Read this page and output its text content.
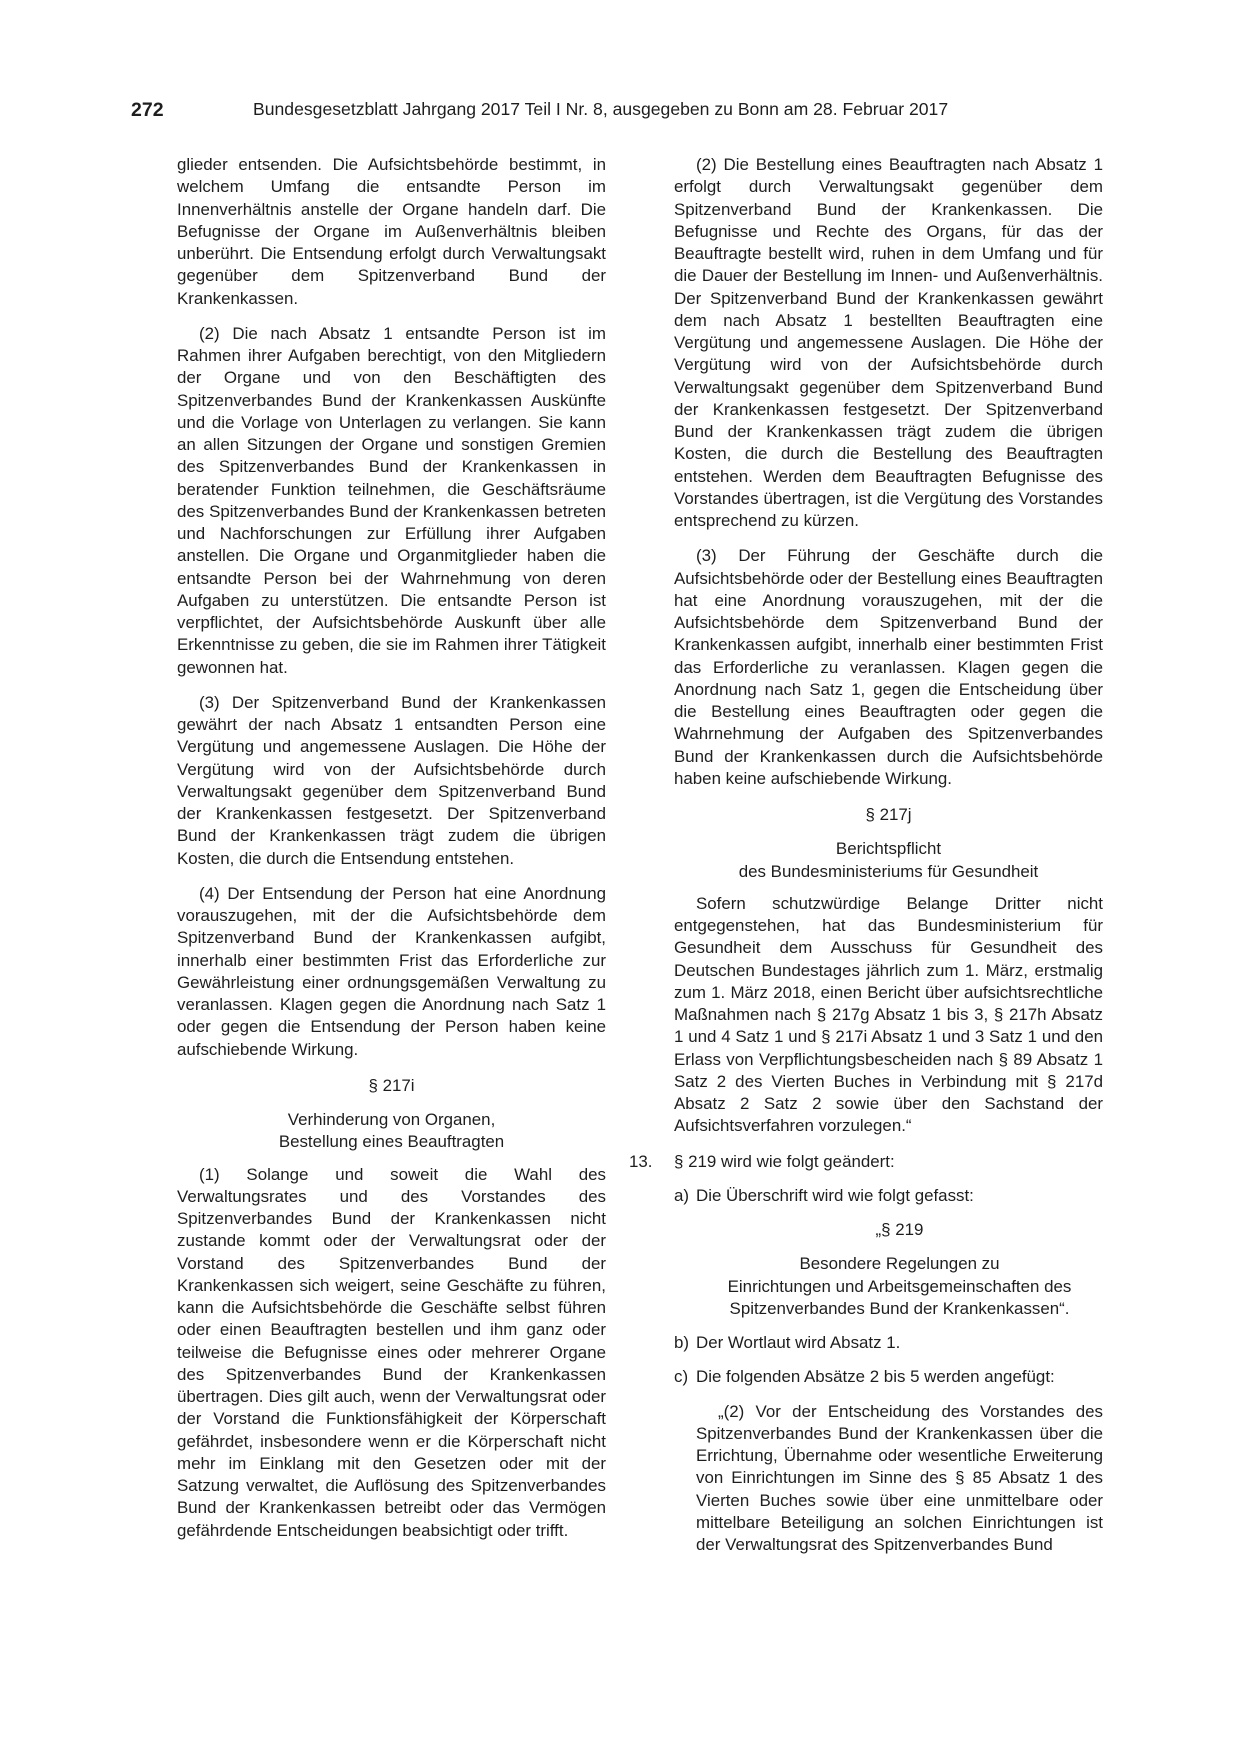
272	Bundesgesetzblatt Jahrgang 2017 Teil I Nr. 8, ausgegeben zu Bonn am 28. Februar 2017

glieder entsenden. Die Aufsichtsbehörde bestimmt, in welchem Umfang die entsandte Person im Innenverhältnis anstelle der Organe handeln darf. Die Befugnisse der Organe im Außenverhältnis bleiben unberührt. Die Entsendung erfolgt durch Verwaltungsakt gegenüber dem Spitzenverband Bund der Krankenkassen.

(2) Die nach Absatz 1 entsandte Person ist im Rahmen ihrer Aufgaben berechtigt, von den Mitgliedern der Organe und von den Beschäftigten des Spitzenverbandes Bund der Krankenkassen Auskünfte und die Vorlage von Unterlagen zu verlangen. Sie kann an allen Sitzungen der Organe und sonstigen Gremien des Spitzenverbandes Bund der Krankenkassen in beratender Funktion teilnehmen, die Geschäftsräume des Spitzenverbandes Bund der Krankenkassen betreten und Nachforschungen zur Erfüllung ihrer Aufgaben anstellen. Die Organe und Organmitglieder haben die entsandte Person bei der Wahrnehmung von deren Aufgaben zu unterstützen. Die entsandte Person ist verpflichtet, der Aufsichtsbehörde Auskunft über alle Erkenntnisse zu geben, die sie im Rahmen ihrer Tätigkeit gewonnen hat.

(3) Der Spitzenverband Bund der Krankenkassen gewährt der nach Absatz 1 entsandten Person eine Vergütung und angemessene Auslagen. Die Höhe der Vergütung wird von der Aufsichtsbehörde durch Verwaltungsakt gegenüber dem Spitzenverband Bund der Krankenkassen festgesetzt. Der Spitzenverband Bund der Krankenkassen trägt zudem die übrigen Kosten, die durch die Entsendung entstehen.

(4) Der Entsendung der Person hat eine Anordnung vorauszugehen, mit der die Aufsichtsbehörde dem Spitzenverband Bund der Krankenkassen aufgibt, innerhalb einer bestimmten Frist das Erforderliche zur Gewährleistung einer ordnungsgemäßen Verwaltung zu veranlassen. Klagen gegen die Anordnung nach Satz 1 oder gegen die Entsendung der Person haben keine aufschiebende Wirkung.

§ 217i

Verhinderung von Organen,

Bestellung eines Beauftragten

(1) Solange und soweit die Wahl des Verwaltungsrates und des Vorstandes des Spitzenverbandes Bund der Krankenkassen nicht zustande kommt oder der Verwaltungsrat oder der Vorstand des Spitzenverbandes Bund der Krankenkassen sich weigert, seine Geschäfte zu führen, kann die Aufsichtsbehörde die Geschäfte selbst führen oder einen Beauftragten bestellen und ihm ganz oder teilweise die Befugnisse eines oder mehrerer Organe des Spitzenverbandes Bund der Krankenkassen übertragen. Dies gilt auch, wenn der Verwaltungsrat oder der Vorstand die Funktionsfähigkeit der Körperschaft gefährdet, insbesondere wenn er die Körperschaft nicht mehr im Einklang mit den Gesetzen oder mit der Satzung verwaltet, die Auflösung des Spitzenverbandes Bund der Krankenkassen betreibt oder das Vermögen gefährdende Entscheidungen beabsichtigt oder trifft.

(2) Die Bestellung eines Beauftragten nach Absatz 1 erfolgt durch Verwaltungsakt gegenüber dem Spitzenverband Bund der Krankenkassen. Die Befugnisse und Rechte des Organs, für das der Beauftragte bestellt wird, ruhen in dem Umfang und für die Dauer der Bestellung im Innen- und Außenverhältnis. Der Spitzenverband Bund der Krankenkassen gewährt dem nach Absatz 1 bestellten Beauftragten eine Vergütung und angemessene Auslagen. Die Höhe der Vergütung wird von der Aufsichtsbehörde durch Verwaltungsakt gegenüber dem Spitzenverband Bund der Krankenkassen festgesetzt. Der Spitzenverband Bund der Krankenkassen trägt zudem die übrigen Kosten, die durch die Bestellung des Beauftragten entstehen. Werden dem Beauftragten Befugnisse des Vorstandes übertragen, ist die Vergütung des Vorstandes entsprechend zu kürzen.

(3) Der Führung der Geschäfte durch die Aufsichtsbehörde oder der Bestellung eines Beauftragten hat eine Anordnung vorauszugehen, mit der die Aufsichtsbehörde dem Spitzenverband Bund der Krankenkassen aufgibt, innerhalb einer bestimmten Frist das Erforderliche zu veranlassen. Klagen gegen die Anordnung nach Satz 1, gegen die Entscheidung über die Bestellung eines Beauftragten oder gegen die Wahrnehmung der Aufgaben des Spitzenverbandes Bund der Krankenkassen durch die Aufsichtsbehörde haben keine aufschiebende Wirkung.

§ 217j

Berichtspflicht

des Bundesministeriums für Gesundheit

Sofern schutzwürdige Belange Dritter nicht entgegenstehen, hat das Bundesministerium für Gesundheit dem Ausschuss für Gesundheit des Deutschen Bundestages jährlich zum 1. März, erstmalig zum 1. März 2018, einen Bericht über aufsichtsrechtliche Maßnahmen nach § 217g Absatz 1 bis 3, § 217h Absatz 1 und 4 Satz 1 und § 217i Absatz 1 und 3 Satz 1 und den Erlass von Verpflichtungsbescheiden nach § 89 Absatz 1 Satz 2 des Vierten Buches in Verbindung mit § 217d Absatz 2 Satz 2 sowie über den Sachstand der Aufsichtsverfahren vorzulegen.“

13. § 219 wird wie folgt geändert:
a) Die Überschrift wird wie folgt gefasst:

„§ 219

Besondere Regelungen zu

Einrichtungen und Arbeitsgemeinschaften des

Spitzenverbandes Bund der Krankenkassen“.

b) Der Wortlaut wird Absatz 1.
c) Die folgenden Absätze 2 bis 5 werden angefügt:

„(2) Vor der Entscheidung des Vorstandes des Spitzenverbandes Bund der Krankenkassen über die Errichtung, Übernahme oder wesentliche Erweiterung von Einrichtungen im Sinne des § 85 Absatz 1 des Vierten Buches sowie über eine unmittelbare oder mittelbare Beteiligung an solchen Einrichtungen ist der Verwaltungsrat des Spitzenverbandes Bund
